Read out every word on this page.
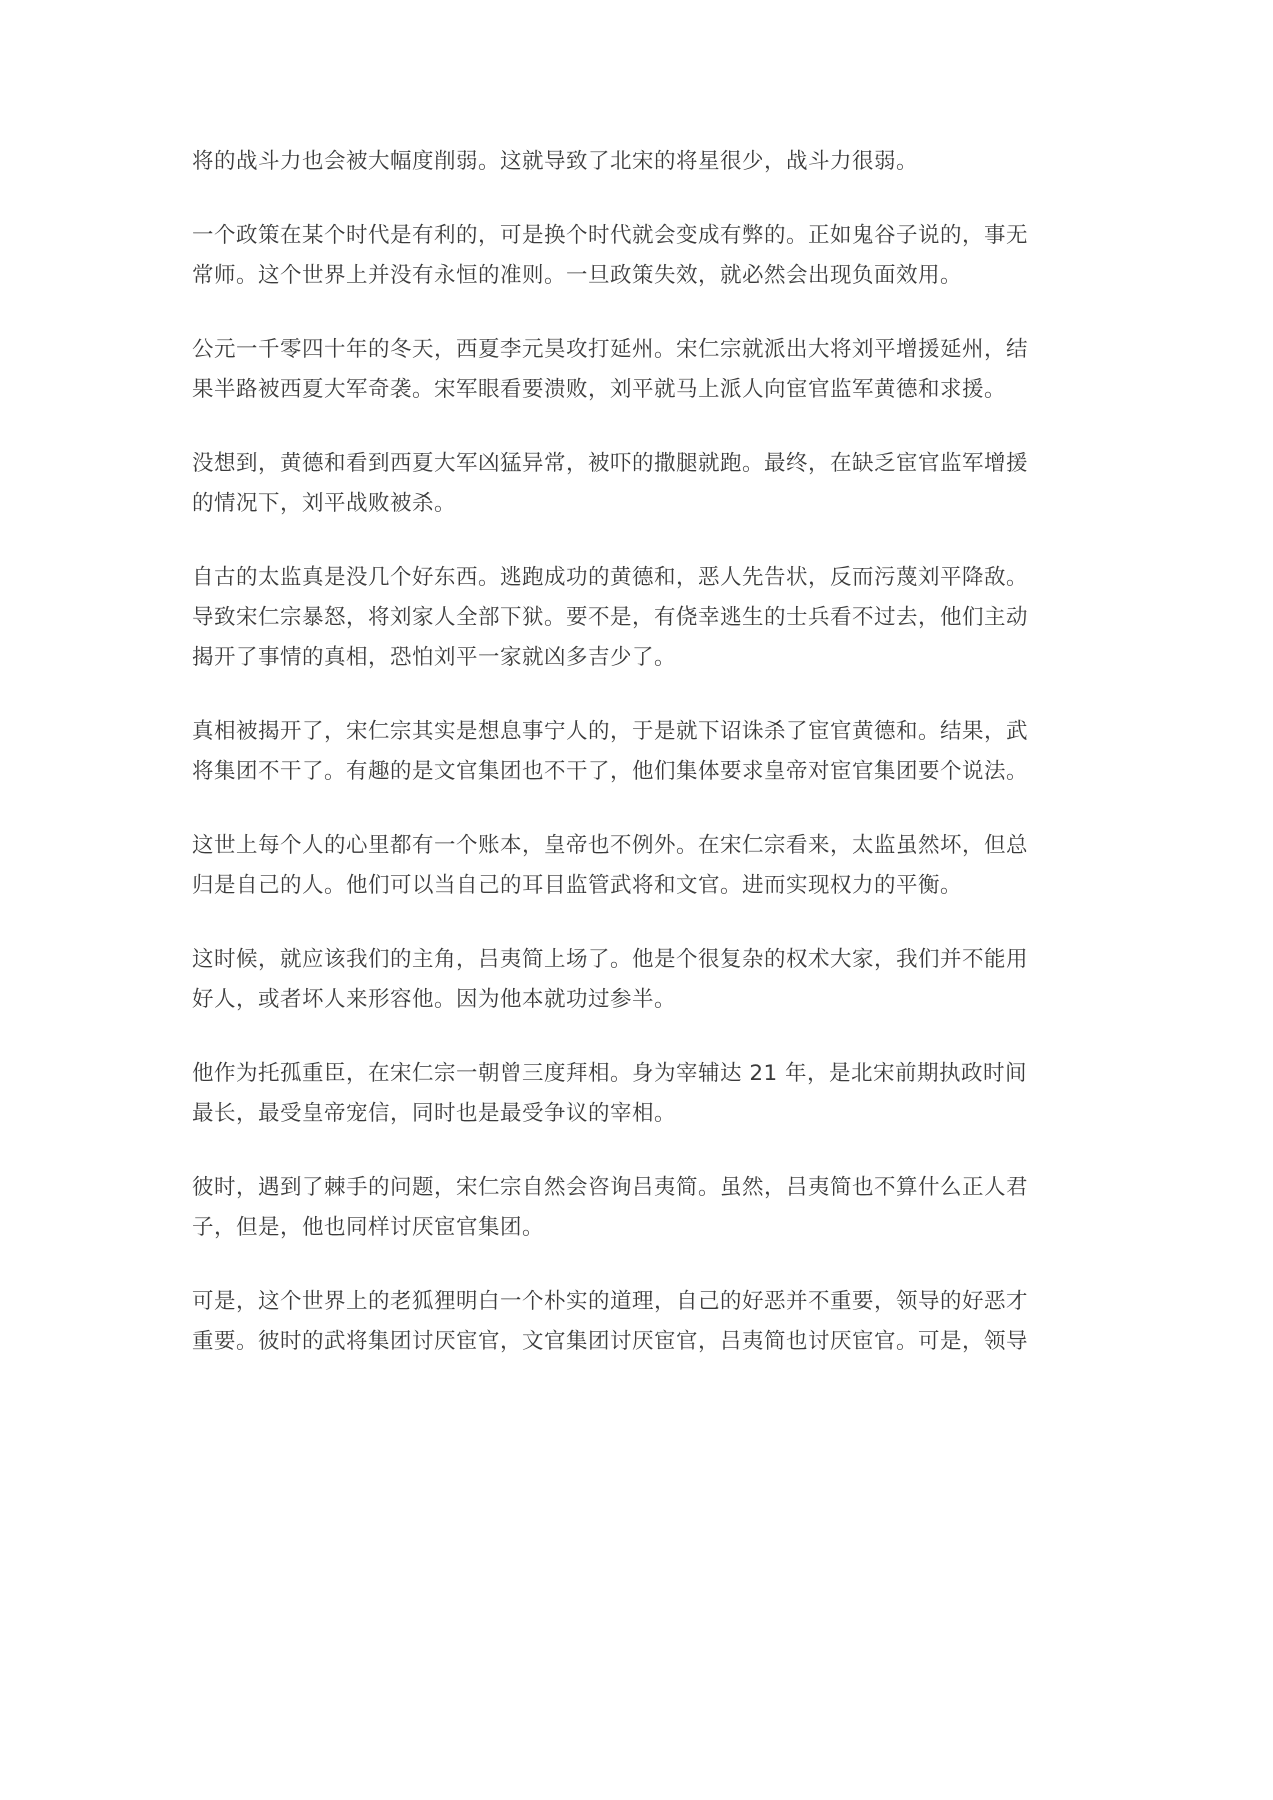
将的战斗力也会被大幅度削弱。这就导致了北宋的将星很少，战斗力很弱。

一个政策在某个时代是有利的，可是换个时代就会变成有弊的。正如鬼谷子说的，事无
常师。这个世界上并没有永恒的准则。一旦政策失效，就必然会出现负面效用。

公元一千零四十年的冬天，西夏李元昊攻打延州。宋仁宗就派出大将刘平增援延州，结
果半路被西夏大军奇袭。宋军眼看要溃败，刘平就马上派人向宦官监军黄德和求援。

没想到，黄德和看到西夏大军凶猛异常，被吓的撒腿就跑。最终，在缺乏宦官监军增援
的情况下，刘平战败被杀。

自古的太监真是没几个好东西。逃跑成功的黄德和，恶人先告状，反而污蔑刘平降敌。
导致宋仁宗暴怒，将刘家人全部下狱。要不是，有侥幸逃生的士兵看不过去，他们主动
揭开了事情的真相，恐怕刘平一家就凶多吉少了。

真相被揭开了，宋仁宗其实是想息事宁人的，于是就下诏诛杀了宦官黄德和。结果，武
将集团不干了。有趣的是文官集团也不干了，他们集体要求皇帝对宦官集团要个说法。

这世上每个人的心里都有一个账本，皇帝也不例外。在宋仁宗看来，太监虽然坏，但总
归是自己的人。他们可以当自己的耳目监管武将和文官。进而实现权力的平衡。

这时候，就应该我们的主角，吕夷简上场了。他是个很复杂的权术大家，我们并不能用
好人，或者坏人来形容他。因为他本就功过参半。

他作为托孤重臣，在宋仁宗一朝曾三度拜相。身为宰辅达 21 年，是北宋前期执政时间
最长，最受皇帝宠信，同时也是最受争议的宰相。

彼时，遇到了棘手的问题，宋仁宗自然会咨询吕夷简。虽然，吕夷简也不算什么正人君
子，但是，他也同样讨厌宦官集团。

可是，这个世界上的老狐狸明白一个朴实的道理，自己的好恶并不重要，领导的好恶才
重要。彼时的武将集团讨厌宦官，文官集团讨厌宦官，吕夷简也讨厌宦官。可是，领导
